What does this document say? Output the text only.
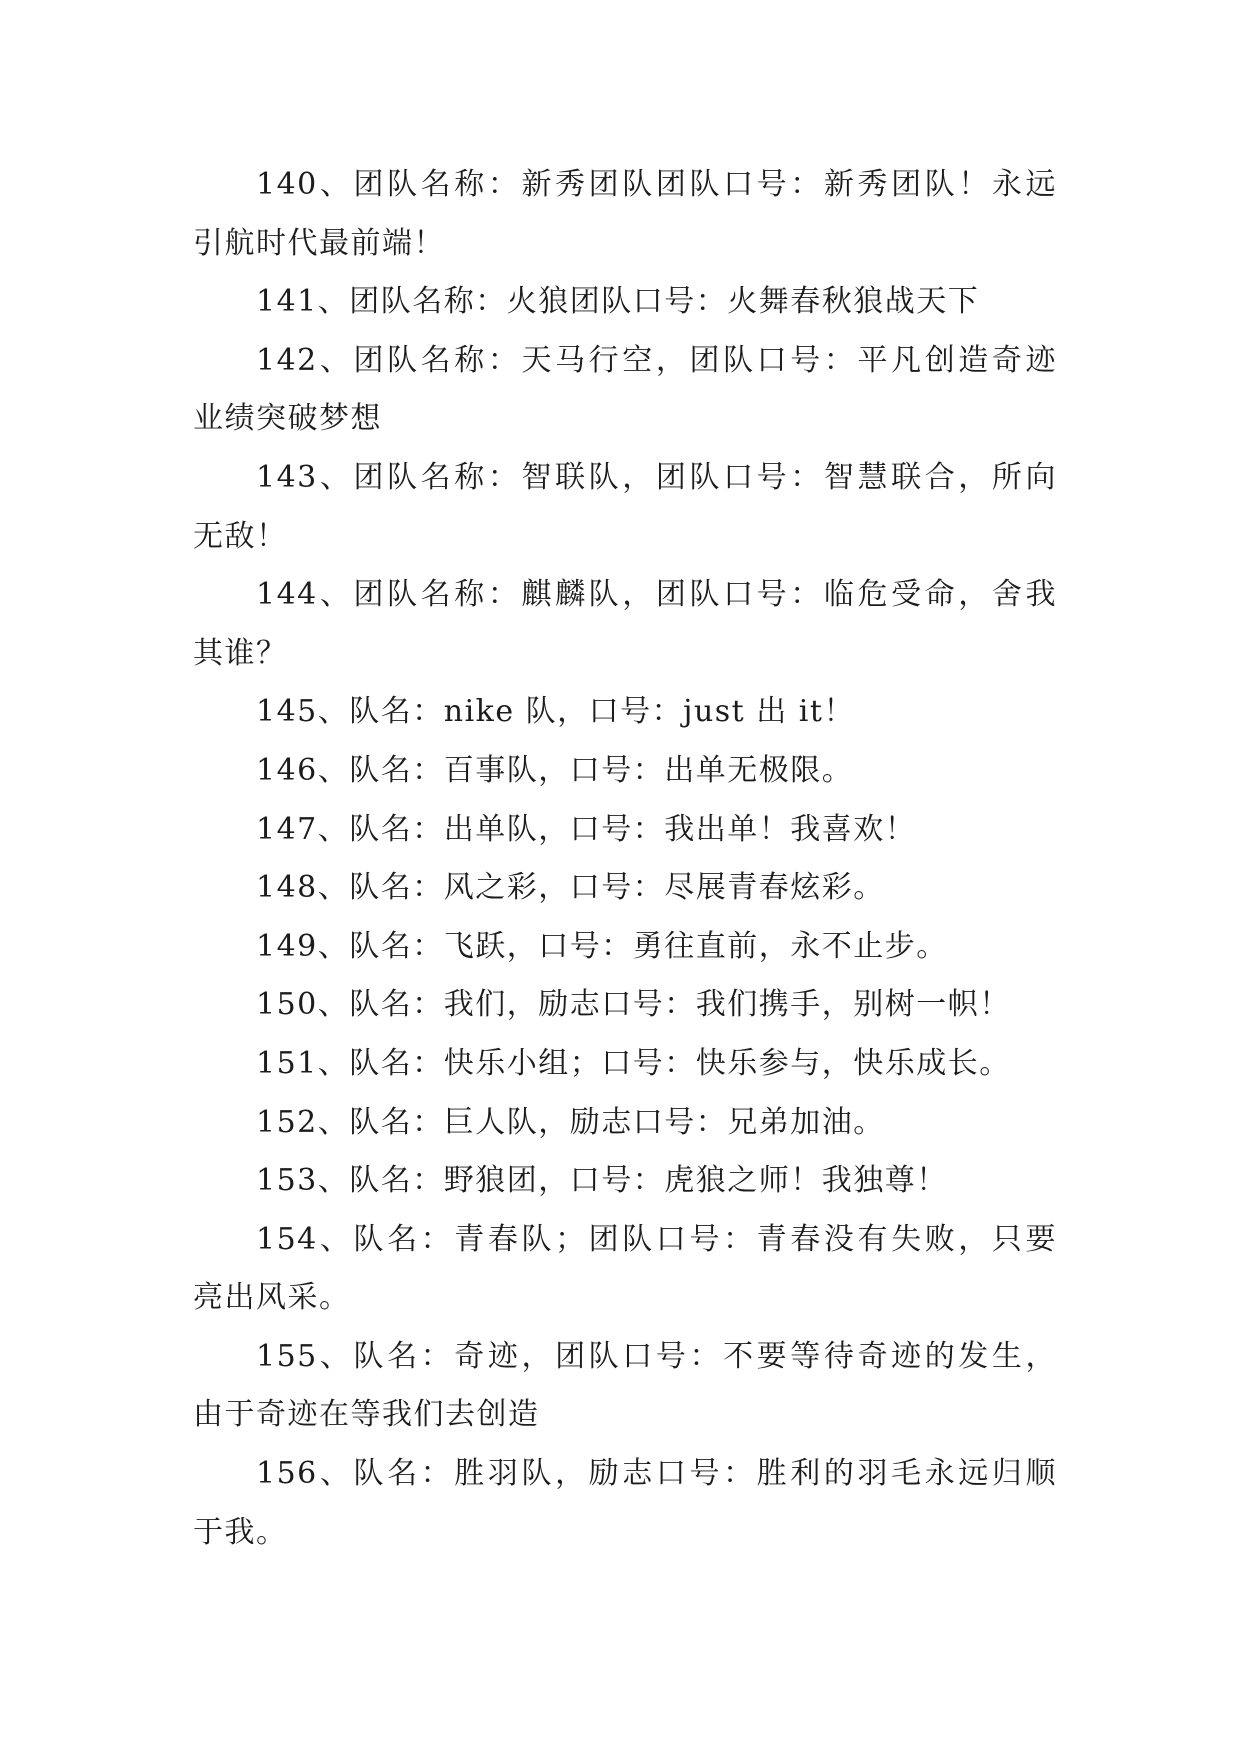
140、团队名称：新秀团队团队口号：新秀团队！永远
引航时代最前端！
141、团队名称：火狼团队口号：火舞春秋狼战天下
142、团队名称：天马行空，团队口号：平凡创造奇迹
业绩突破梦想
143、团队名称：智联队，团队口号：智慧联合，所向
无敌！
144、团队名称：麒麟队，团队口号：临危受命，舍我
其谁？
145、队名：nike 队，口号：just 出 it！
146、队名：百事队，口号：出单无极限。
147、队名：出单队，口号：我出单！我喜欢！
148、队名：风之彩，口号：尽展青春炫彩。
149、队名：飞跃，口号：勇往直前，永不止步。
150、队名：我们，励志口号：我们携手，别树一帜！
151、队名：快乐小组；口号：快乐参与，快乐成长。
152、队名：巨人队，励志口号：兄弟加油。
153、队名：野狼团，口号：虎狼之师！我独尊！
154、队名：青春队；团队口号：青春没有失败，只要
亮出风采。
155、队名：奇迹，团队口号：不要等待奇迹的发生，
由于奇迹在等我们去创造
156、队名：胜羽队，励志口号：胜利的羽毛永远归顺
于我。
